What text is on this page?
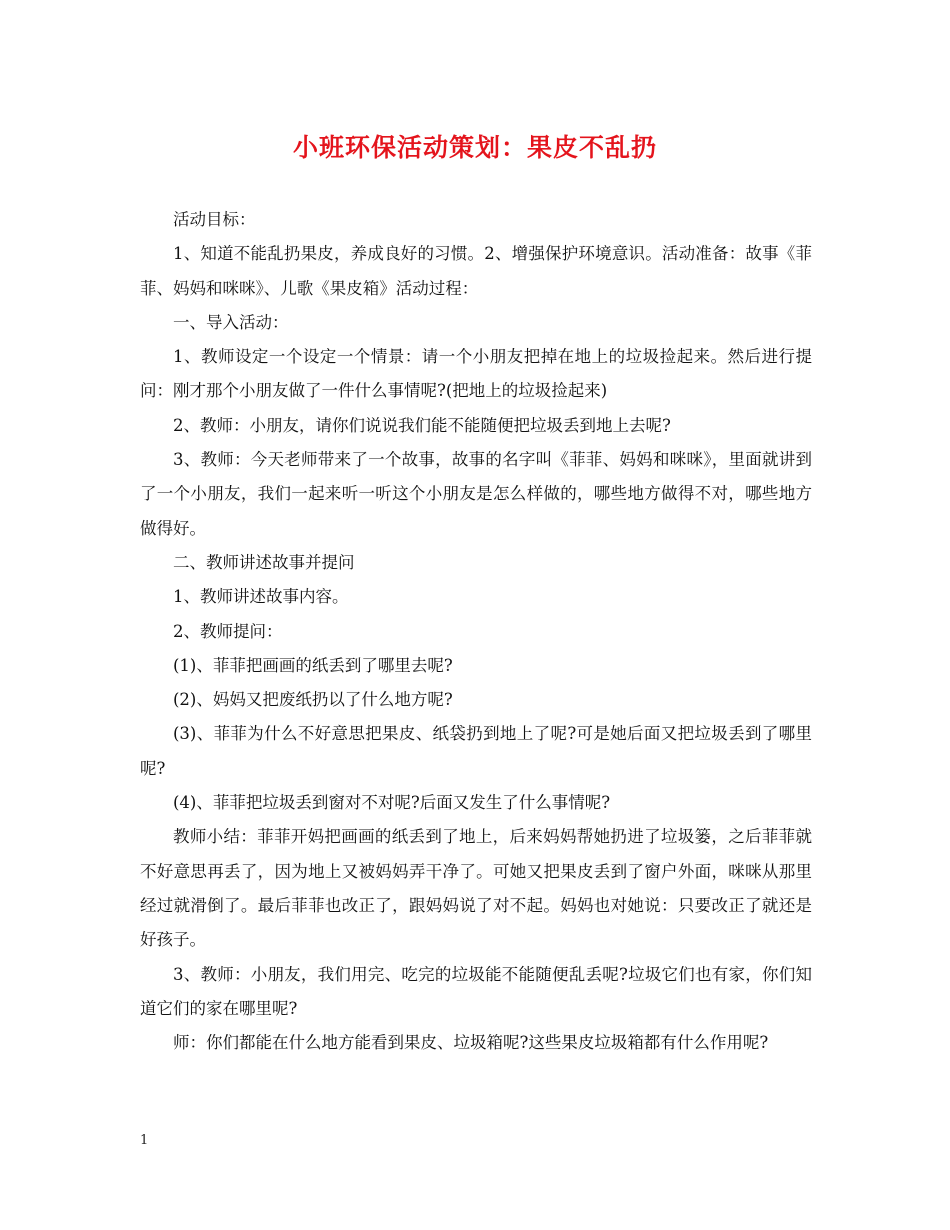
小班环保活动策划：果皮不乱扔

活动目标：

1、知道不能乱扔果皮，养成良好的习惯。2、增强保护环境意识。活动准备：故事《菲菲、妈妈和咪咪》、儿歌《果皮箱》活动过程：

一、导入活动：

1、教师设定一个设定一个情景：请一个小朋友把掉在地上的垃圾捡起来。然后进行提问：刚才那个小朋友做了一件什么事情呢?(把地上的垃圾捡起来)

2、教师：小朋友，请你们说说我们能不能随便把垃圾丢到地上去呢?

3、教师：今天老师带来了一个故事，故事的名字叫《菲菲、妈妈和咪咪》，里面就讲到了一个小朋友，我们一起来听一听这个小朋友是怎么样做的，哪些地方做得不对，哪些地方做得好。

二、教师讲述故事并提问

1、教师讲述故事内容。

2、教师提问：

(1)、菲菲把画画的纸丢到了哪里去呢?

(2)、妈妈又把废纸扔以了什么地方呢?

(3)、菲菲为什么不好意思把果皮、纸袋扔到地上了呢?可是她后面又把垃圾丢到了哪里呢?

(4)、菲菲把垃圾丢到窗对不对呢?后面又发生了什么事情呢?

教师小结：菲菲开妈把画画的纸丢到了地上，后来妈妈帮她扔进了垃圾篓，之后菲菲就不好意思再丢了，因为地上又被妈妈弄干净了。可她又把果皮丢到了窗户外面，咪咪从那里经过就滑倒了。最后菲菲也改正了，跟妈妈说了对不起。妈妈也对她说：只要改正了就还是好孩子。

3、教师：小朋友，我们用完、吃完的垃圾能不能随便乱丢呢?垃圾它们也有家，你们知道它们的家在哪里呢?

师：你们都能在什么地方能看到果皮、垃圾箱呢?这些果皮垃圾箱都有什么作用呢?

1
